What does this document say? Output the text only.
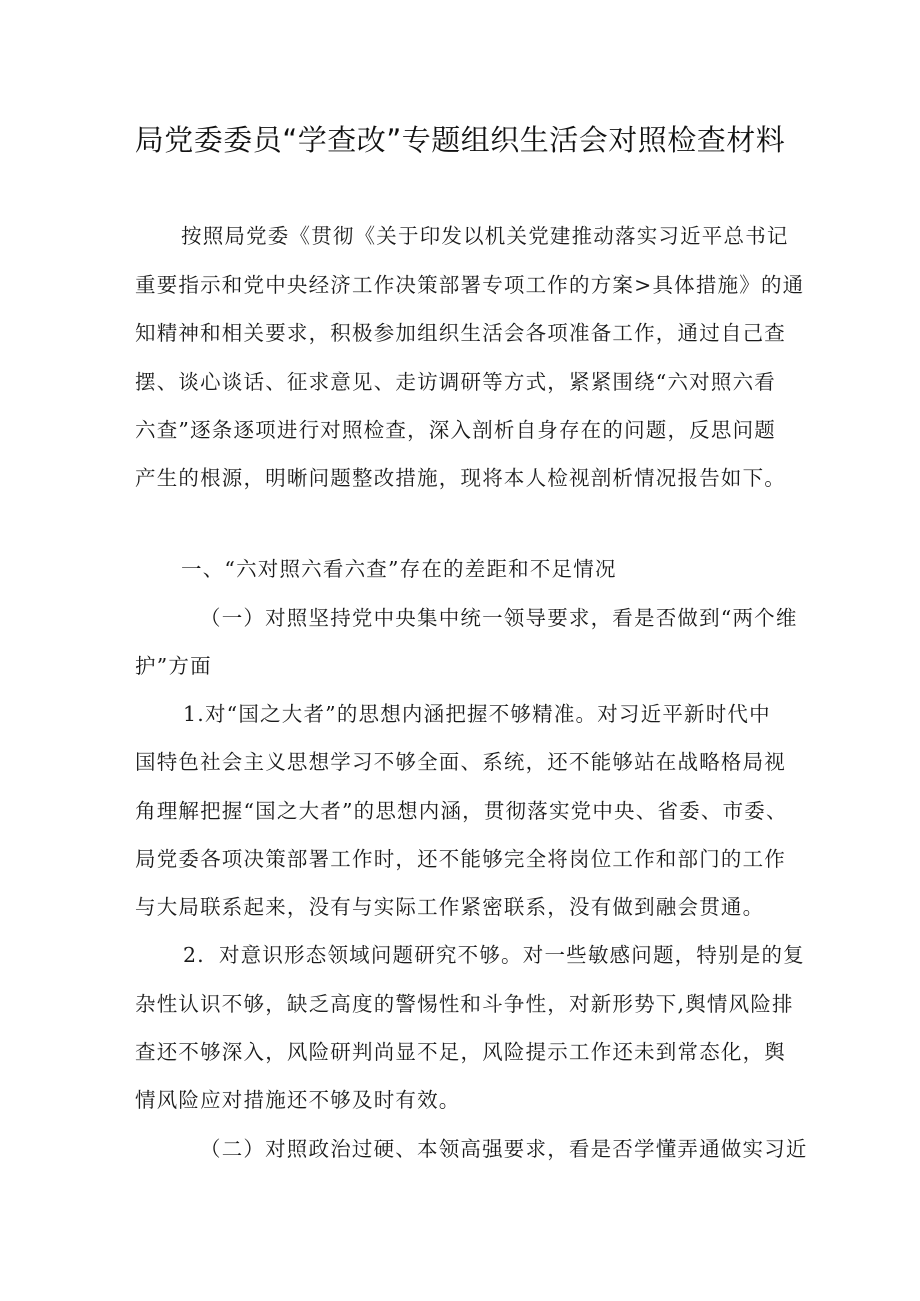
局党委委员“学查改”专题组织生活会对照检查材料
按照局党委《贯彻《关于印发以机关党建推动落实习近平总书记
重要指示和党中央经济工作决策部署专项工作的方案>具体措施》的通
知精神和相关要求，积极参加组织生活会各项准备工作，通过自己查
摆、谈心谈话、征求意见、走访调研等方式，紧紧围绕“六对照六看
六查”逐条逐项进行对照检查，深入剖析自身存在的问题，反思问题
产生的根源，明晰问题整改措施，现将本人检视剖析情况报告如下。
一、“六对照六看六查”存在的差距和不足情况
（一）对照坚持党中央集中统一领导要求，看是否做到“两个维
护”方面
1.对“国之大者”的思想内涵把握不够精准。对习近平新时代中
国特色社会主义思想学习不够全面、系统，还不能够站在战略格局视
角理解把握“国之大者”的思想内涵，贯彻落实党中央、省委、市委、
局党委各项决策部署工作时，还不能够完全将岗位工作和部门的工作
与大局联系起来，没有与实际工作紧密联系，没有做到融会贯通。
2．对意识形态领域问题研究不够。对一些敏感问题，特别是的复
杂性认识不够，缺乏高度的警惕性和斗争性，对新形势下,舆情风险排
查还不够深入，风险研判尚显不足，风险提示工作还未到常态化，舆
情风险应对措施还不够及时有效。
（二）对照政治过硬、本领高强要求，看是否学懂弄通做实习近
